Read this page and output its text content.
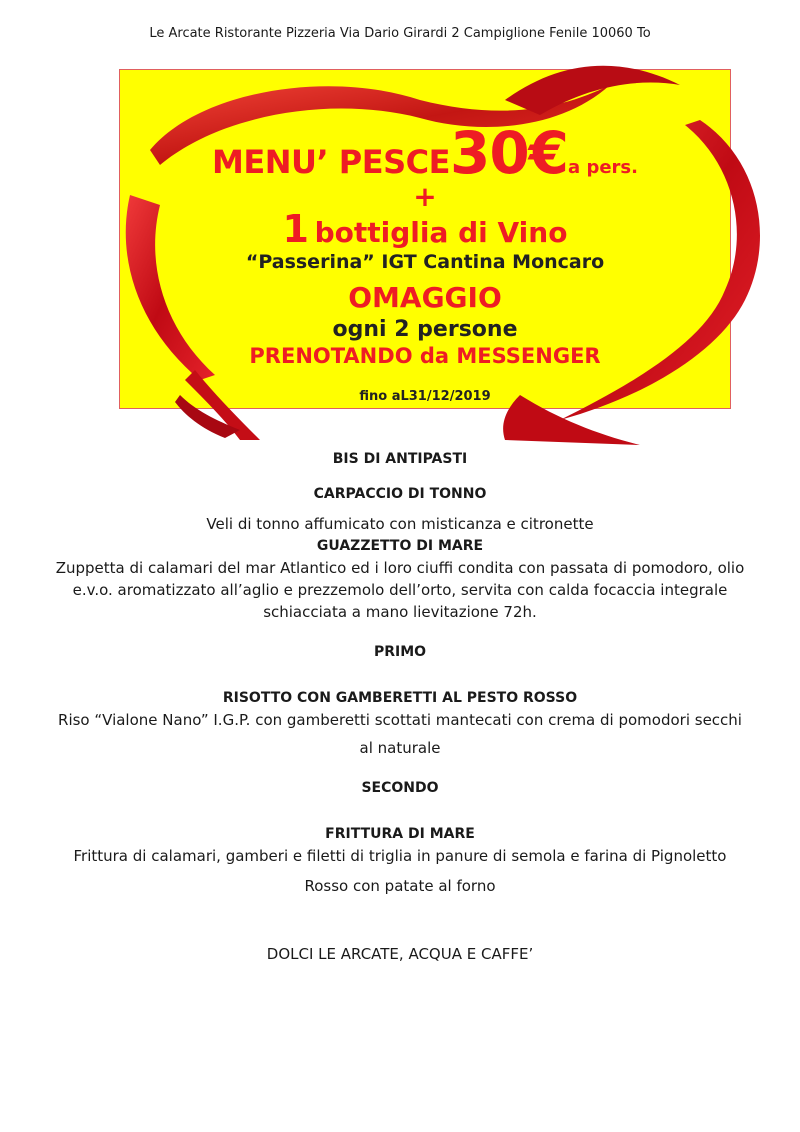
Le Arcate Ristorante Pizzeria Via Dario Girardi 2 Campiglione Fenile 10060 To
MENU’ PESCE30€a pers.
+
1 bottiglia di Vino
“Passerina” IGT Cantina Moncaro
OMAGGIO
ogni 2 persone
PRENOTANDO da MESSENGER
fino aL31/12/2019

BIS DI ANTIPASTI

CARPACCIO DI TONNO

Veli di tonno affumicato con misticanza e citronette

GUAZZETTO DI MARE

Zuppetta di calamari del mar Atlantico ed i loro ciuffi condita con passata di pomodoro, olio

e.v.o. aromatizzato all’aglio e prezzemolo dell’orto, servita con calda focaccia integrale

schiacciata a mano lievitazione 72h.

PRIMO

RISOTTO CON GAMBERETTI AL PESTO ROSSO

Riso “Vialone Nano” I.G.P. con gamberetti scottati mantecati con crema di pomodori secchi

al naturale

SECONDO

FRITTURA DI MARE

Frittura di calamari, gamberi e filetti di triglia in panure di semola e farina di Pignoletto

Rosso con patate al forno

DOLCI LE ARCATE, ACQUA E CAFFE’
